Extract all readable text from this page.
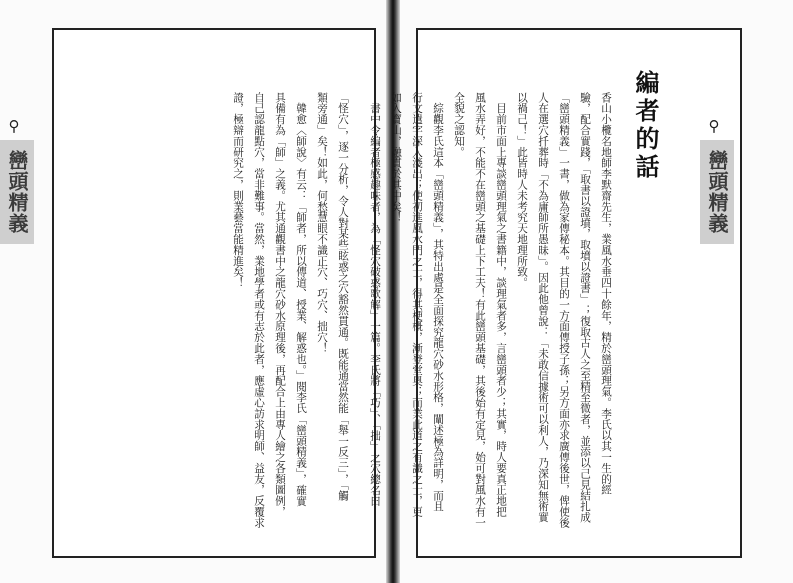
⚲
巒頭精義	「怪穴」，逐一分析，令人對某些眩惑之穴豁然貫通。既能通當然能「舉一反三」，「觸
類旁通」矣！如此，何愁慧眼不識正穴、巧穴、拙穴！
　韓愈〈師說〉有云：「師者，所以傳道、授業、解惑也。」閱李氏「巒頭精義」，確實
具備有為「師」之義。尤其通觀書中之龍穴砂水原理後，再配合上由專人繪之各類圖例，
自己認龍點穴，當非難事。當然，業地學者或有志於此者，應虛心訪求明師、益友，反覆求
證，極辯而研究之，則業藝當能精進矣！	⚲
巒頭精義
編者的話
香山小欖名地師李默齋先生，業風水垂四十餘年，精於巒頭理氣。李氏以其一生的經
驗，配合實踐，「取書以證墳，取墳以證書」；復取古人之至精至微者，並添以己見結扎成
「巒頭精義」一書，做為家傳秘本。其目的一方面傳授子孫；另方面亦求廣傳後世，俾使後
人在選穴扦葬時「不為庸師所愚昧」。因此他曾說：「未敢信據術可以利人，乃深知無術實
以禍己！」此皆時人未考究天地理所致。
　目前市面上專談巒頭理氣之書籍中，談理氣者多，言巒頭者少；其實，時人要真正地把
風水弄好，不能不在巒頭之基礎上下工夫！有此巒頭基礎，其後始有定見，始可對風水有一
全貌之認知。
　綜觀李氏這本「巒頭精義」，其特出處是全面探究龍穴砂水形格，闡述極為詳明，而且
行文遣字深入淺出；使初進風水門之士，得其梗概，漸登堂奧；而業此道之有識之士，更
如入寶山，融貫於其中矣！
　書中令編者極感趣味者，為「怪穴破惑歌解」一篇。李氏將「巧」、「拙」之穴總名曰
